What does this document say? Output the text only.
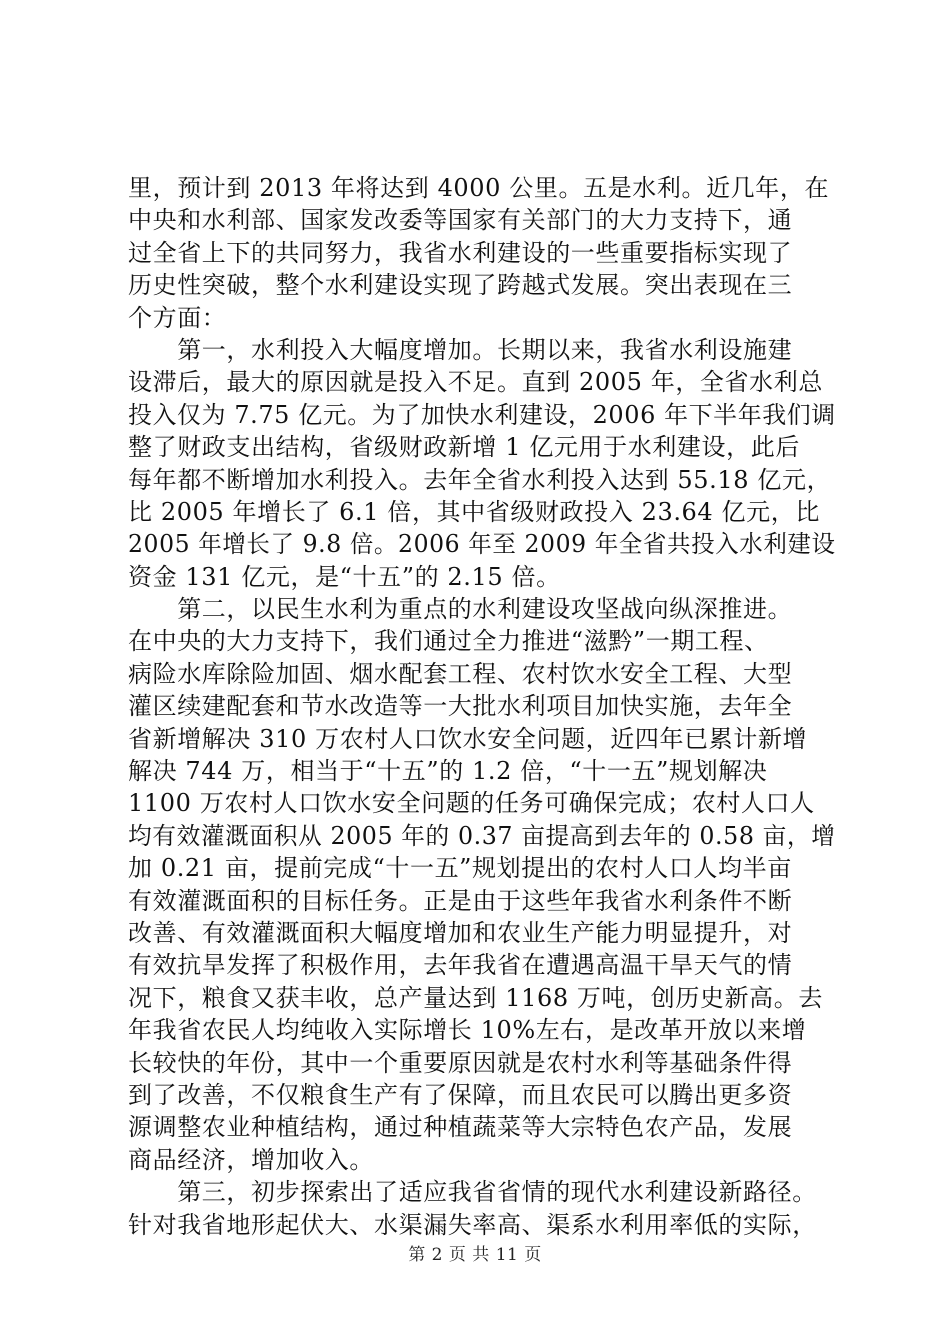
里，预计到 2013 年将达到 4000 公里。五是水利。近几年，在
中央和水利部、国家发改委等国家有关部门的大力支持下，通
过全省上下的共同努力，我省水利建设的一些重要指标实现了
历史性突破，整个水利建设实现了跨越式发展。突出表现在三
个方面：
　　第一，水利投入大幅度增加。长期以来，我省水利设施建
设滞后，最大的原因就是投入不足。直到 2005 年，全省水利总
投入仅为 7.75 亿元。为了加快水利建设，2006 年下半年我们调
整了财政支出结构，省级财政新增 1 亿元用于水利建设，此后
每年都不断增加水利投入。去年全省水利投入达到 55.18 亿元，
比 2005 年增长了 6.1 倍，其中省级财政投入 23.64 亿元，比
2005 年增长了 9.8 倍。2006 年至 2009 年全省共投入水利建设
资金 131 亿元，是“十五”的 2.15 倍。
　　第二，以民生水利为重点的水利建设攻坚战向纵深推进。
在中央的大力支持下，我们通过全力推进“滋黔”一期工程、
病险水库除险加固、烟水配套工程、农村饮水安全工程、大型
灌区续建配套和节水改造等一大批水利项目加快实施，去年全
省新增解决 310 万农村人口饮水安全问题，近四年已累计新增
解决 744 万，相当于“十五”的 1.2 倍，“十一五”规划解决
1100 万农村人口饮水安全问题的任务可确保完成；农村人口人
均有效灌溉面积从 2005 年的 0.37 亩提高到去年的 0.58 亩，增
加 0.21 亩，提前完成“十一五”规划提出的农村人口人均半亩
有效灌溉面积的目标任务。正是由于这些年我省水利条件不断
改善、有效灌溉面积大幅度增加和农业生产能力明显提升，对
有效抗旱发挥了积极作用，去年我省在遭遇高温干旱天气的情
况下，粮食又获丰收，总产量达到 1168 万吨，创历史新高。去
年我省农民人均纯收入实际增长 10%左右，是改革开放以来增
长较快的年份，其中一个重要原因就是农村水利等基础条件得
到了改善，不仅粮食生产有了保障，而且农民可以腾出更多资
源调整农业种植结构，通过种植蔬菜等大宗特色农产品，发展
商品经济，增加收入。
　　第三，初步探索出了适应我省省情的现代水利建设新路径。
针对我省地形起伏大、水渠漏失率高、渠系水利用率低的实际，
第 2 页 共 11 页
